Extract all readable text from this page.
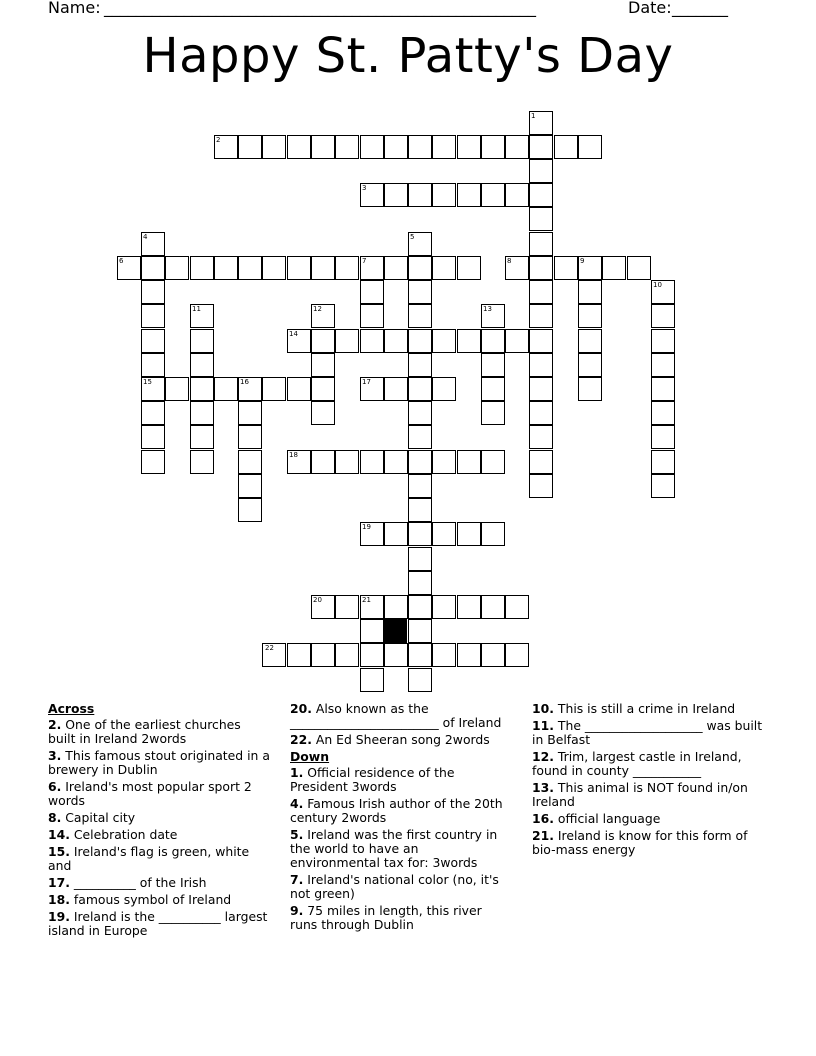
Name: ______________________________________________________	Date: _______
Happy St. Patty's Day
1
2
3
4	5
6	7	8	9
10
11	12	13
14
15	16	17
18
19
20	21
22

Across

2. One of the earliest churches built in Ireland 2words

3. This famous stout originated in a brewery in Dublin

6. Ireland's most popular sport 2 words

8. Capital city

14. Celebration date

15. Ireland's flag is green, white and

17. __________ of the Irish

18. famous symbol of Ireland

19. Ireland is the __________ largest island in Europe

20. Also known as the ________________________ of Ireland

22. An Ed Sheeran song 2words

Down

1. Official residence of the President 3words

4. Famous Irish author of the 20th century 2words

5. Ireland was the first country in the world to have an environmental tax for: 3words

7. Ireland's national color (no, it's not green)

9. 75 miles in length, this river runs through Dublin

10. This is still a crime in Ireland

11. The ___________________ was built in Belfast

12. Trim, largest castle in Ireland, found in county ___________

13. This animal is NOT found in/on Ireland

16. official language

21. Ireland is know for this form of bio-mass energy
